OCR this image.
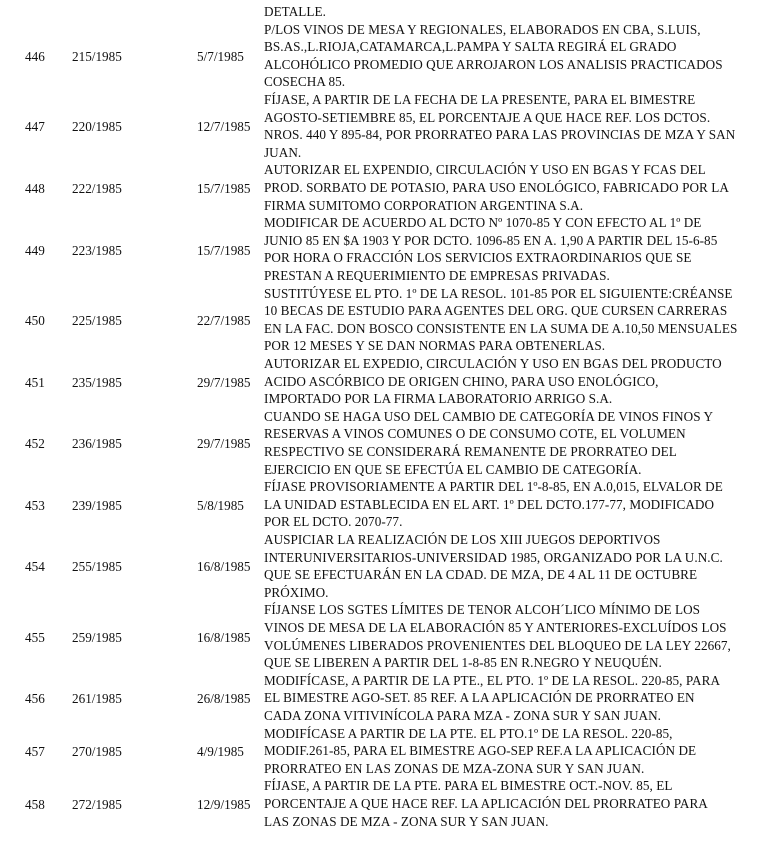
DETALLE.
446 215/1985	5/7/1985
P/LOS VINOS DE MESA Y REGIONALES, ELABORADOS EN CBA, S.LUIS,
BS.AS.,L.RIOJA,CATAMARCA,L.PAMPA Y SALTA REGIRÁ EL GRADO
ALCOHÓLICO PROMEDIO QUE ARROJARON LOS ANALISIS PRACTICADOS
COSECHA 85.
447 220/1985	12/7/1985
FÍJASE, A PARTIR DE LA FECHA DE LA PRESENTE, PARA EL BIMESTRE
AGOSTO-SETIEMBRE 85, EL PORCENTAJE A QUE HACE REF. LOS DCTOS.
NROS. 440 Y 895-84, POR PRORRATEO PARA LAS PROVINCIAS DE MZA Y SAN
JUAN.
448 222/1985	15/7/1985
AUTORIZAR EL EXPENDIO, CIRCULACIÓN Y USO EN BGAS Y FCAS DEL
PROD. SORBATO DE POTASIO, PARA USO ENOLÓGICO, FABRICADO POR LA
FIRMA SUMITOMO CORPORATION ARGENTINA S.A.
449 223/1985	15/7/1985
MODIFICAR DE ACUERDO AL DCTO Nº 1070-85 Y CON EFECTO AL 1º DE
JUNIO 85 EN $A 1903 Y POR DCTO. 1096-85 EN A. 1,90 A PARTIR DEL 15-6-85
POR HORA O FRACCIÓN LOS SERVICIOS EXTRAORDINARIOS QUE SE
PRESTAN A REQUERIMIENTO DE EMPRESAS PRIVADAS.
450 225/1985	22/7/1985
SUSTITÚYESE EL PTO. 1º DE LA RESOL. 101-85 POR EL SIGUIENTE:CRÉANSE
10 BECAS DE ESTUDIO PARA AGENTES DEL ORG. QUE CURSEN CARRERAS
EN LA FAC. DON BOSCO CONSISTENTE EN LA SUMA DE A.10,50 MENSUALES
POR 12 MESES Y SE DAN NORMAS PARA OBTENERLAS.
451 235/1985	29/7/1985
AUTORIZAR EL EXPEDIO, CIRCULACIÓN Y USO EN BGAS DEL PRODUCTO
ACIDO ASCÓRBICO DE ORIGEN CHINO, PARA USO ENOLÓGICO,
IMPORTADO POR LA FIRMA LABORATORIO ARRIGO S.A.
452 236/1985	29/7/1985
CUANDO SE HAGA USO DEL CAMBIO DE CATEGORÍA DE VINOS FINOS Y
RESERVAS A VINOS COMUNES O DE CONSUMO COTE, EL VOLUMEN
RESPECTIVO SE CONSIDERARÁ REMANENTE DE PRORRATEO DEL
EJERCICIO EN QUE SE EFECTÚA EL CAMBIO DE CATEGORÍA.
453 239/1985	5/8/1985
FÍJASE PROVISORIAMENTE A PARTIR DEL 1º-8-85, EN A.0,015, ELVALOR DE
LA UNIDAD ESTABLECIDA EN EL ART. 1º DEL DCTO.177-77, MODIFICADO
POR EL DCTO. 2070-77.
454 255/1985	16/8/1985
AUSPICIAR LA REALIZACIÓN DE LOS XIII JUEGOS DEPORTIVOS
INTERUNIVERSITARIOS-UNIVERSIDAD 1985, ORGANIZADO POR LA U.N.C.
QUE SE EFECTUARÁN EN LA CDAD. DE MZA, DE 4 AL 11 DE OCTUBRE
PRÓXIMO.
455 259/1985	16/8/1985
FÍJANSE LOS SGTES LÍMITES DE TENOR ALCOH´LICO MÍNIMO DE LOS
VINOS DE MESA DE LA ELABORACIÓN 85 Y ANTERIORES-EXCLUÍDOS LOS
VOLÚMENES LIBERADOS PROVENIENTES DEL BLOQUEO DE LA LEY 22667,
QUE SE LIBEREN A PARTIR DEL 1-8-85 EN R.NEGRO Y NEUQUÉN.
456 261/1985	26/8/1985
MODIFÍCASE, A PARTIR DE LA PTE., EL PTO. 1º DE LA RESOL. 220-85, PARA
EL BIMESTRE AGO-SET. 85 REF. A LA APLICACIÓN DE PRORRATEO EN
CADA ZONA VITIVINÍCOLA PARA MZA - ZONA SUR Y SAN JUAN.
457 270/1985	4/9/1985
MODIFÍCASE A PARTIR DE LA PTE. EL PTO.1º DE LA RESOL. 220-85,
MODIF.261-85, PARA EL BIMESTRE AGO-SEP REF.A LA APLICACIÓN DE
PRORRATEO EN LAS ZONAS DE MZA-ZONA SUR Y SAN JUAN.
458 272/1985	12/9/1985
FÍJASE, A PARTIR DE LA PTE. PARA EL BIMESTRE OCT.-NOV. 85, EL
PORCENTAJE A QUE HACE REF. LA APLICACIÓN DEL PRORRATEO PARA
LAS ZONAS DE MZA - ZONA SUR Y SAN JUAN.
